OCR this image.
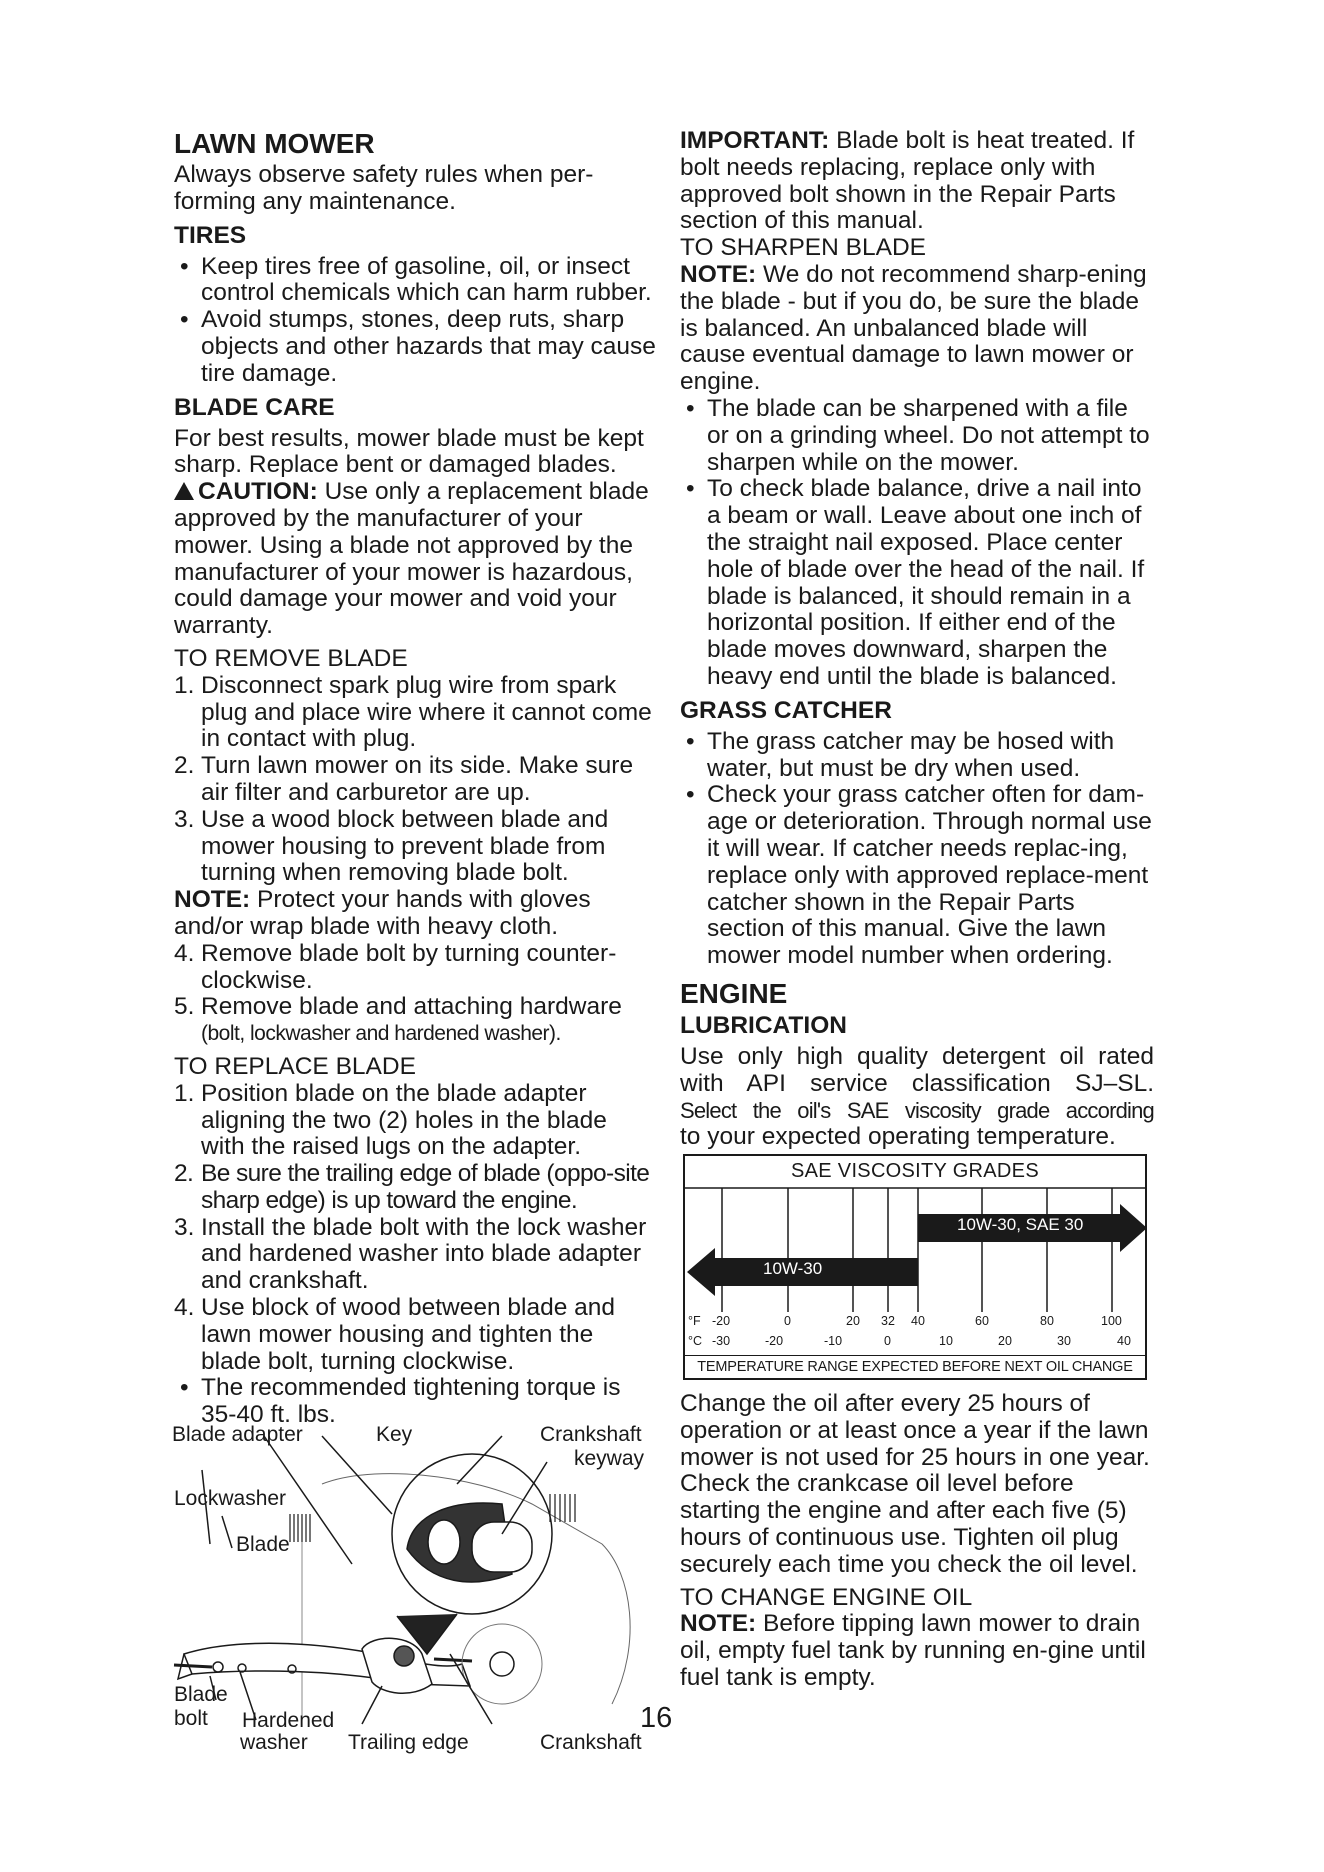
LAWN MOWER

Always observe safety rules when per-forming any maintenance.

TIRES
• Keep tires free of gasoline, oil, or insect control chemicals which can harm rubber.
• Avoid stumps, stones, deep ruts, sharp objects and other hazards that may cause tire damage.
BLADE CARE

For best results, mower blade must be kept sharp. Replace bent or damaged blades.

CAUTION: Use only a replacement blade approved by the manufacturer of your mower. Using a blade not approved by the manufacturer of your mower is hazardous, could damage your mower and void your warranty.

TO REMOVE BLADE

1. Disconnect spark plug wire from spark plug and place wire where it cannot come in contact with plug.
2. Turn lawn mower on its side. Make sure air filter and carburetor are up.
3. Use a wood block between blade and mower housing to prevent blade from turning when removing blade bolt.

NOTE: Protect your hands with gloves and/or wrap blade with heavy cloth.

4. Remove blade bolt by turning counter-clockwise.
5. Remove blade and attaching hardware
(bolt, lockwasher and hardened washer).

TO REPLACE BLADE

1. Position blade on the blade adapter aligning the two (2) holes in the blade with the raised lugs on the adapter.
2. Be sure the trailing edge of blade (oppo-site sharp edge) is up toward the engine.
3. Install the blade bolt with the lock washer and hardened washer into blade adapter and crankshaft.
4. Use block of wood between blade and lawn mower housing and tighten the blade bolt, turning clockwise.
• The recommended tightening torque is 35-40 ft. lbs.
Blade adapter	Key	Crankshaft
keyway
Lockwasher
Blade
Blade
bolt Hardened
washer Trailing edge	Crankshaft

IMPORTANT: Blade bolt is heat treated. If bolt needs replacing, replace only with approved bolt shown in the Repair Parts section of this manual.

TO SHARPEN BLADE

NOTE: We do not recommend sharp-ening the blade - but if you do, be sure the blade is balanced. An unbalanced blade will cause eventual damage to lawn mower or engine.

• The blade can be sharpened with a file or on a grinding wheel. Do not attempt to sharpen while on the mower.
• To check blade balance, drive a nail into a beam or wall. Leave about one inch of the straight nail exposed. Place center hole of blade over the head of the nail. If blade is balanced, it should remain in a horizontal position. If either end of the blade moves downward, sharpen the heavy end until the blade is balanced.
GRASS CATCHER
• The grass catcher may be hosed with water, but must be dry when used.
• Check your grass catcher often for dam-age or deterioration. Through normal use it will wear. If catcher needs replac-ing, replace only with approved replace-ment catcher shown in the Repair Parts section of this manual. Give the lawn mower model number when ordering.
ENGINE
LUBRICATION
Use only high quality detergent oil rated
with API service classification SJ–SL.
Select the oil's SAE viscosity grade according
to your expected operating temperature.

Change the oil after every 25 hours of operation or at least once a year if the lawn mower is not used for 25 hours in one year.

Check the crankcase oil level before starting the engine and after each five (5) hours of continuous use. Tighten oil plug securely each time you check the oil level.

TO CHANGE ENGINE OIL

NOTE: Before tipping lawn mower to drain oil, empty fuel tank by running en-gine until fuel tank is empty.

SAE VISCOSITY GRADES
10W-30, SAE 30
10W-30
°F -20	0	20 32 40	60	80	100
°C -30	-20	-10	0	10	20	30	40
TEMPERATURE RANGE EXPECTED BEFORE NEXT OIL CHANGE
16
